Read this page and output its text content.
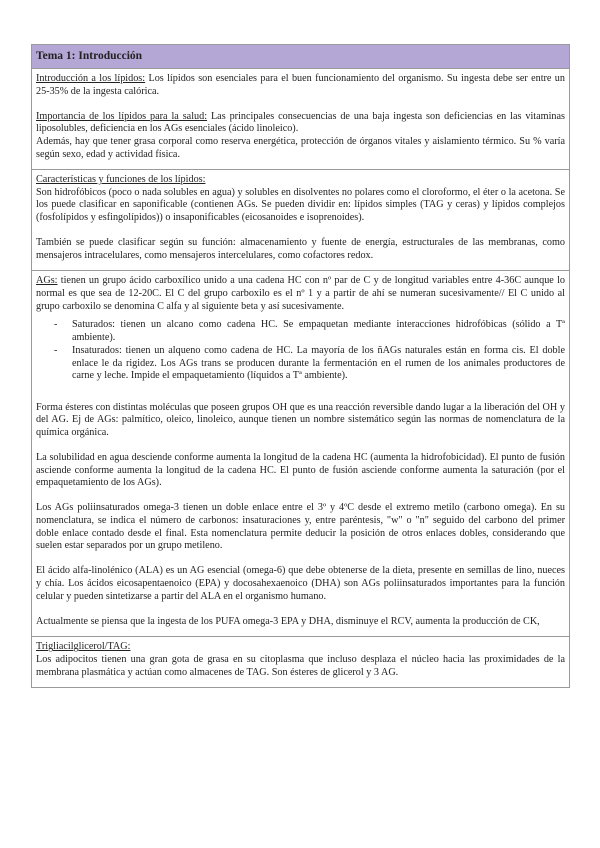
Tema 1: Introducción

Introducción a los lípidos: Los lípidos son esenciales para el buen funcionamiento del organismo. Su ingesta debe ser entre un 25-35% de la ingesta calórica.

Importancia de los lípidos para la salud: Las principales consecuencias de una baja ingesta son deficiencias en las vitaminas liposolubles, deficiencia en los AGs esenciales (ácido linoleico).

Además, hay que tener grasa corporal como reserva energética, protección de órganos vitales y aislamiento térmico. Su % varía según sexo, edad y actividad física.

Características y funciones de los lípidos:

Son hidrofóbicos (poco o nada solubles en agua) y solubles en disolventes no polares como el cloroformo, el éter o la acetona. Se los puede clasificar en saponificable (contienen AGs. Se pueden dividir en: lípidos simples (TAG y ceras) y lípidos complejos (fosfolípidos y esfingolípidos)) o insaponificables (eicosanoides e isoprenoides).

También se puede clasificar según su función: almacenamiento y fuente de energía, estructurales de las membranas, como mensajeros intracelulares, como mensajeros intercelulares, como cofactores redox.

AGs: tienen un grupo ácido carboxílico unido a una cadena HC con nº par de C y de longitud variables entre 4-36C aunque lo normal es que sea de 12-20C. El C del grupo carboxilo es el nº 1 y a partir de ahí se numeran sucesivamente// El C unido al grupo carboxilo se denomina C alfa y al siguiente beta y así sucesivamente.

- Saturados: tienen un alcano como cadena HC. Se empaquetan mediante interacciones hidrofóbicas (sólido a Tª ambiente).
- Insaturados: tienen un alqueno como cadena de HC. La mayoría de los ñAGs naturales están en forma cis. El doble enlace le da rigidez. Los AGs trans se producen durante la fermentación en el rumen de los animales productores de carne y leche. Impide el empaquetamiento (líquidos a Tª ambiente).

Forma ésteres con distintas moléculas que poseen grupos OH que es una reacción reversible dando lugar a la liberación del OH y del AG. Ej de AGs: palmítico, oleico, linoleico, aunque tienen un nombre sistemático según las normas de nomenclatura de la química orgánica.

La solubilidad en agua desciende conforme aumenta la longitud de la cadena HC (aumenta la hidrofobicidad). El punto de fusión asciende conforme aumenta la longitud de la cadena HC. El punto de fusión asciende conforme aumenta la saturación (por el empaquetamiento de los AGs).

Los AGs poliinsaturados omega-3 tienen un doble enlace entre el 3º y 4ºC desde el extremo metilo (carbono omega). En su nomenclatura, se indica el número de carbonos: insaturaciones y, entre paréntesis, "w" o "n" seguido del carbono del primer doble enlace contado desde el final. Esta nomenclatura permite deducir la posición de otros enlaces dobles, considerando que suelen estar separados por un grupo metileno.

El ácido alfa-linolénico (ALA) es un AG esencial (omega-6) que debe obtenerse de la dieta, presente en semillas de lino, nueces y chía. Los ácidos eicosapentaenoico (EPA) y docosahexaenoico (DHA) son AGs poliinsaturados importantes para la función celular y pueden sintetizarse a partir del ALA en el organismo humano.

Actualmente se piensa que la ingesta de los PUFA omega-3 EPA y DHA, disminuye el RCV, aumenta la producción de CK,

Trigliacilglicerol/TAG:

Los adipocitos tienen una gran gota de grasa en su citoplasma que incluso desplaza el núcleo hacia las proximidades de la membrana plasmática y actúan como almacenes de TAG. Son ésteres de glicerol y 3 AG.
